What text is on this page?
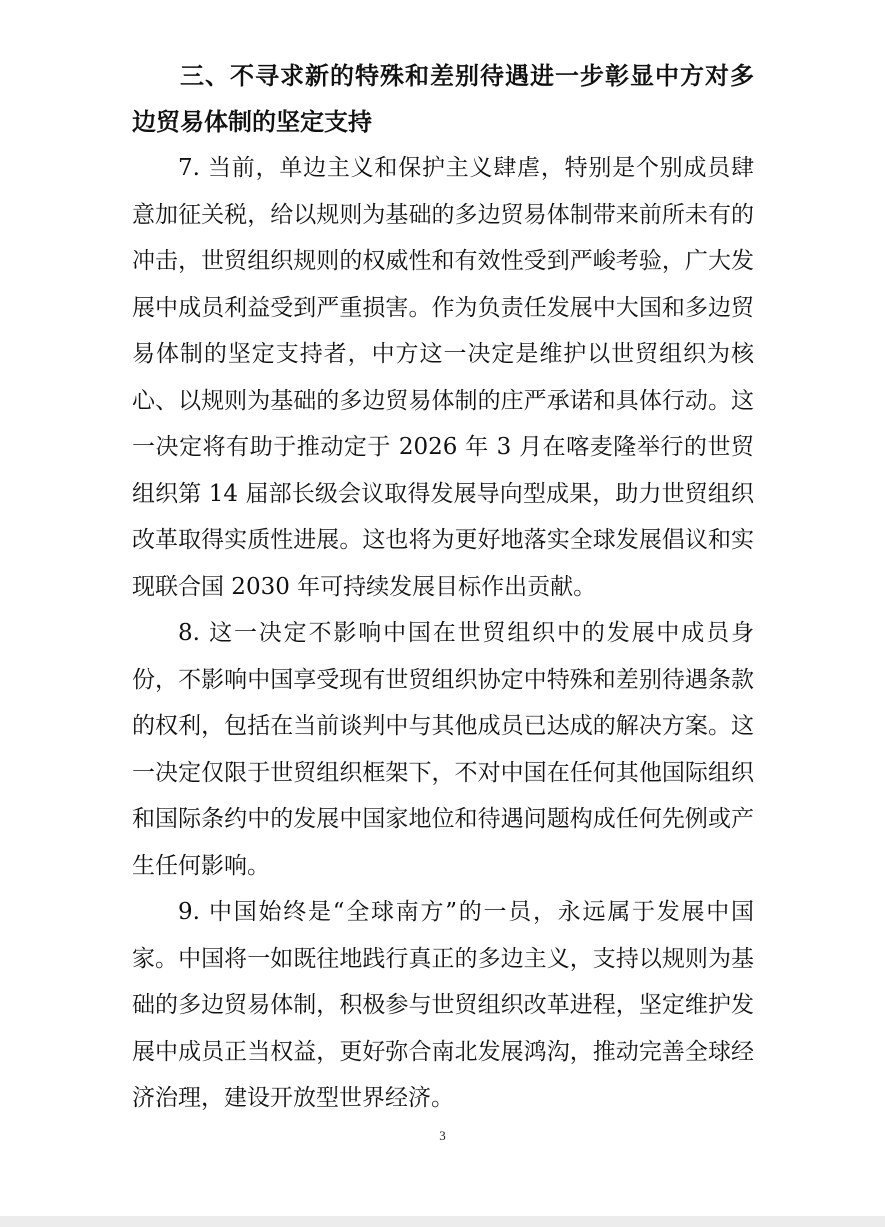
三、不寻求新的特殊和差别待遇进一步彰显中方对多边贸易体制的坚定支持

7. 当前，单边主义和保护主义肆虐，特别是个别成员肆意加征关税，给以规则为基础的多边贸易体制带来前所未有的冲击，世贸组织规则的权威性和有效性受到严峻考验，广大发展中成员利益受到严重损害。作为负责任发展中大国和多边贸易体制的坚定支持者，中方这一决定是维护以世贸组织为核心、以规则为基础的多边贸易体制的庄严承诺和具体行动。这一决定将有助于推动定于 2026 年 3 月在喀麦隆举行的世贸组织第 14 届部长级会议取得发展导向型成果，助力世贸组织改革取得实质性进展。这也将为更好地落实全球发展倡议和实现联合国 2030 年可持续发展目标作出贡献。

8. 这一决定不影响中国在世贸组织中的发展中成员身份，不影响中国享受现有世贸组织协定中特殊和差别待遇条款的权利，包括在当前谈判中与其他成员已达成的解决方案。这一决定仅限于世贸组织框架下，不对中国在任何其他国际组织和国际条约中的发展中国家地位和待遇问题构成任何先例或产生任何影响。

9. 中国始终是“全球南方”的一员，永远属于发展中国家。中国将一如既往地践行真正的多边主义，支持以规则为基础的多边贸易体制，积极参与世贸组织改革进程，坚定维护发展中成员正当权益，更好弥合南北发展鸿沟，推动完善全球经济治理，建设开放型世界经济。

3
